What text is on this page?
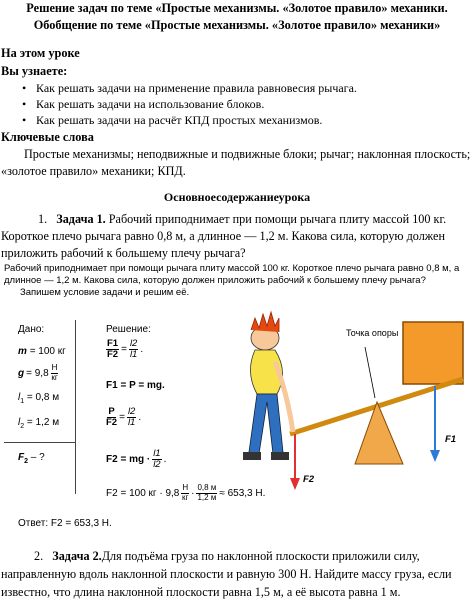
Решение задач по теме «Простые механизмы. «Золотое правило» механики.
Обобщение по теме «Простые механизмы. «Золотое правило» механики»
На этом уроке
Вы узнаете:
• Как решать задачи на применение правила равновесия рычага.
• Как решать задачи на использование блоков.
• Как решать задачи на расчёт КПД простых механизмов.
Ключевые слова
Простые механизмы; неподвижные и подвижные блоки; рычаг; наклонная плоскость;
«золотое правило» механики; КПД.
Основноесодержаниеурока
1. Задача 1. Рабочий приподнимает при помощи рычага плиту массой 100 кг.
Короткое плечо рычага равно 0,8 м, а длинное — 1,2 м. Какова сила, которую должен
приложить рабочий к большему плечу рычага?
Рабочий приподнимает при помощи рычага плиту массой 100 кг. Короткое плечо рычага равно 0,8 м, а
длинное — 1,2 м. Какова сила, которую должен приложить рабочий к большему плечу рычага?
Запишем условие задачи и решим её.
Дано:	Решение:
m = 100 кг
$g = 9,8 \frac{Н}{кг}$
$l_1 = 0,8$ м
$l_2 = 1,2$ м
$F_2$ – ?
$\frac{F1}{F2} = \frac{l2}{l1}$ .
F1 = P = mg.
$\frac{P}{F2} = \frac{l2}{l1}$ .
F2 = mg · $\frac{l1}{l2}$ .
F2 = 100 кг · $9,8 \frac{Н}{кг} \cdot \frac{0,8 м}{1,2 м} \approx 653,3$ Н.
Ответ: F2 = 653,3 Н.
Точка опоры
F1
F2
2. Задача 2.Для подъёма груза по наклонной плоскости приложили силу,
направленную вдоль наклонной плоскости и равную 300 Н. Найдите массу груза, если
известно, что длина наклонной плоскости равна 1,5 м, а её высота равна 1 м.
